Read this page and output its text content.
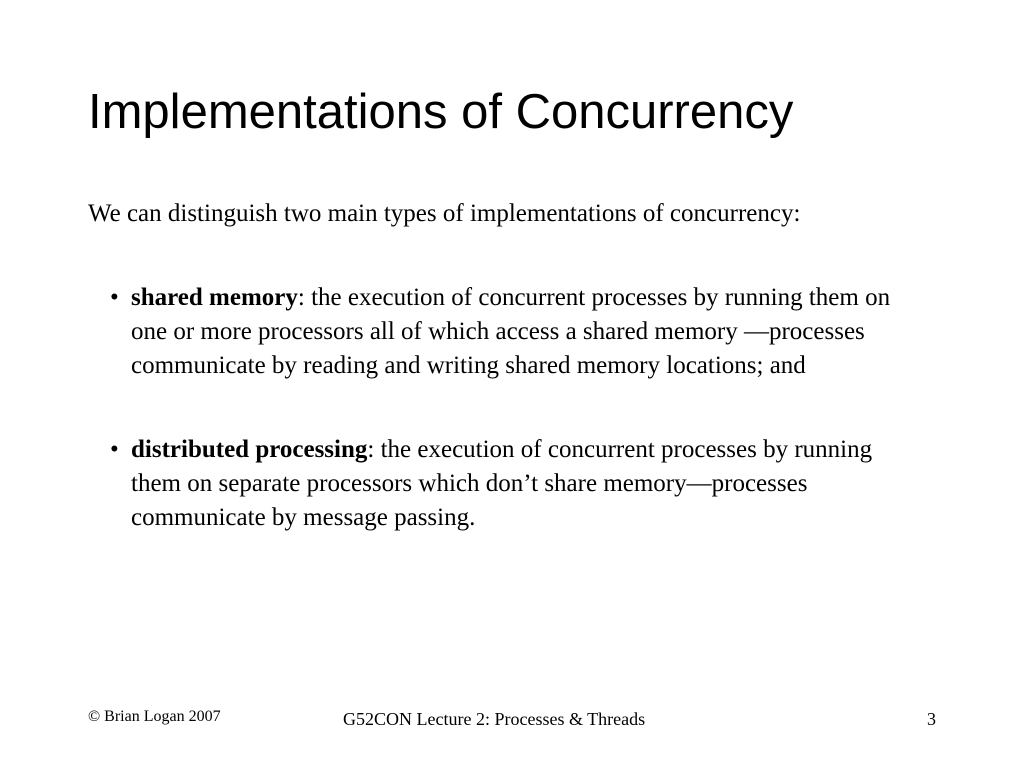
Implementations of Concurrency

We can distinguish two main types of implementations of concurrency:

• shared memory: the execution of concurrent processes by running them on one or more processors all of which access a shared memory —processes communicate by reading and writing shared memory locations; and
• distributed processing: the execution of concurrent processes by running them on separate processors which don’t share memory—processes communicate by message passing.
© Brian Logan 2007	G52CON Lecture 2: Processes & Threads	3
